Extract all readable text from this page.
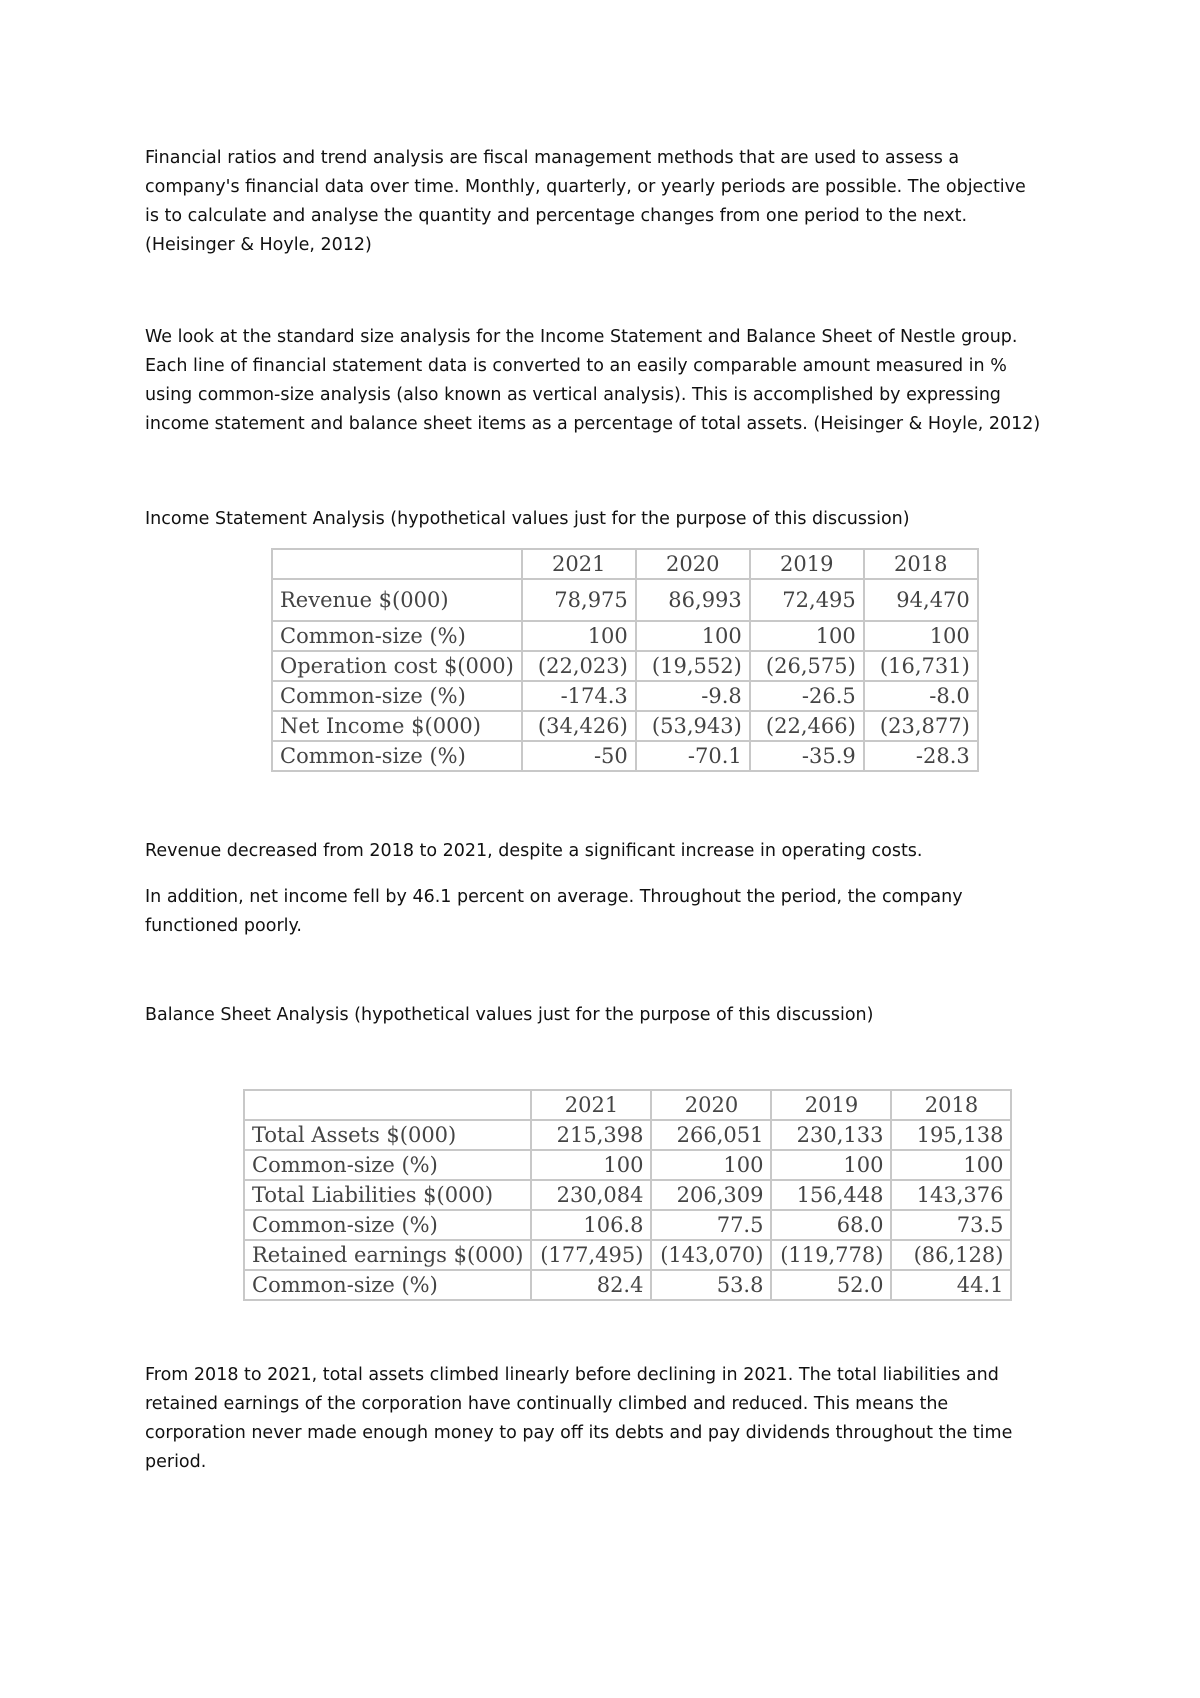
Financial ratios and trend analysis are fiscal management methods that are used to assess a
company's financial data over time. Monthly, quarterly, or yearly periods are possible. The objective
is to calculate and analyse the quantity and percentage changes from one period to the next.
(Heisinger & Hoyle, 2012)

We look at the standard size analysis for the Income Statement and Balance Sheet of Nestle group.
Each line of financial statement data is converted to an easily comparable amount measured in %
using common-size analysis (also known as vertical analysis). This is accomplished by expressing
income statement and balance sheet items as a percentage of total assets. (Heisinger & Hoyle, 2012)

Income Statement Analysis (hypothetical values just for the purpose of this discussion)

	2021	2020	2019	2018
Revenue $(000)	78,975	86,993	72,495	94,470
Common-size (%)	100	100	100	100
Operation cost $(000)	(22,023)	(19,552)	(26,575)	(16,731)
Common-size (%)	-174.3	-9.8	-26.5	-8.0
Net Income $(000)	(34,426)	(53,943)	(22,466)	(23,877)
Common-size (%)	-50	-70.1	-35.9	-28.3

Revenue decreased from 2018 to 2021, despite a significant increase in operating costs.

In addition, net income fell by 46.1 percent on average. Throughout the period, the company
functioned poorly.

Balance Sheet Analysis (hypothetical values just for the purpose of this discussion)

	2021	2020	2019	2018
Total Assets $(000)	215,398	266,051	230,133	195,138
Common-size (%)	100	100	100	100
Total Liabilities $(000)	230,084	206,309	156,448	143,376
Common-size (%)	106.8	77.5	68.0	73.5
Retained earnings $(000)	(177,495)	(143,070)	(119,778)	(86,128)
Common-size (%)	82.4	53.8	52.0	44.1

From 2018 to 2021, total assets climbed linearly before declining in 2021. The total liabilities and
retained earnings of the corporation have continually climbed and reduced. This means the
corporation never made enough money to pay off its debts and pay dividends throughout the time
period.
